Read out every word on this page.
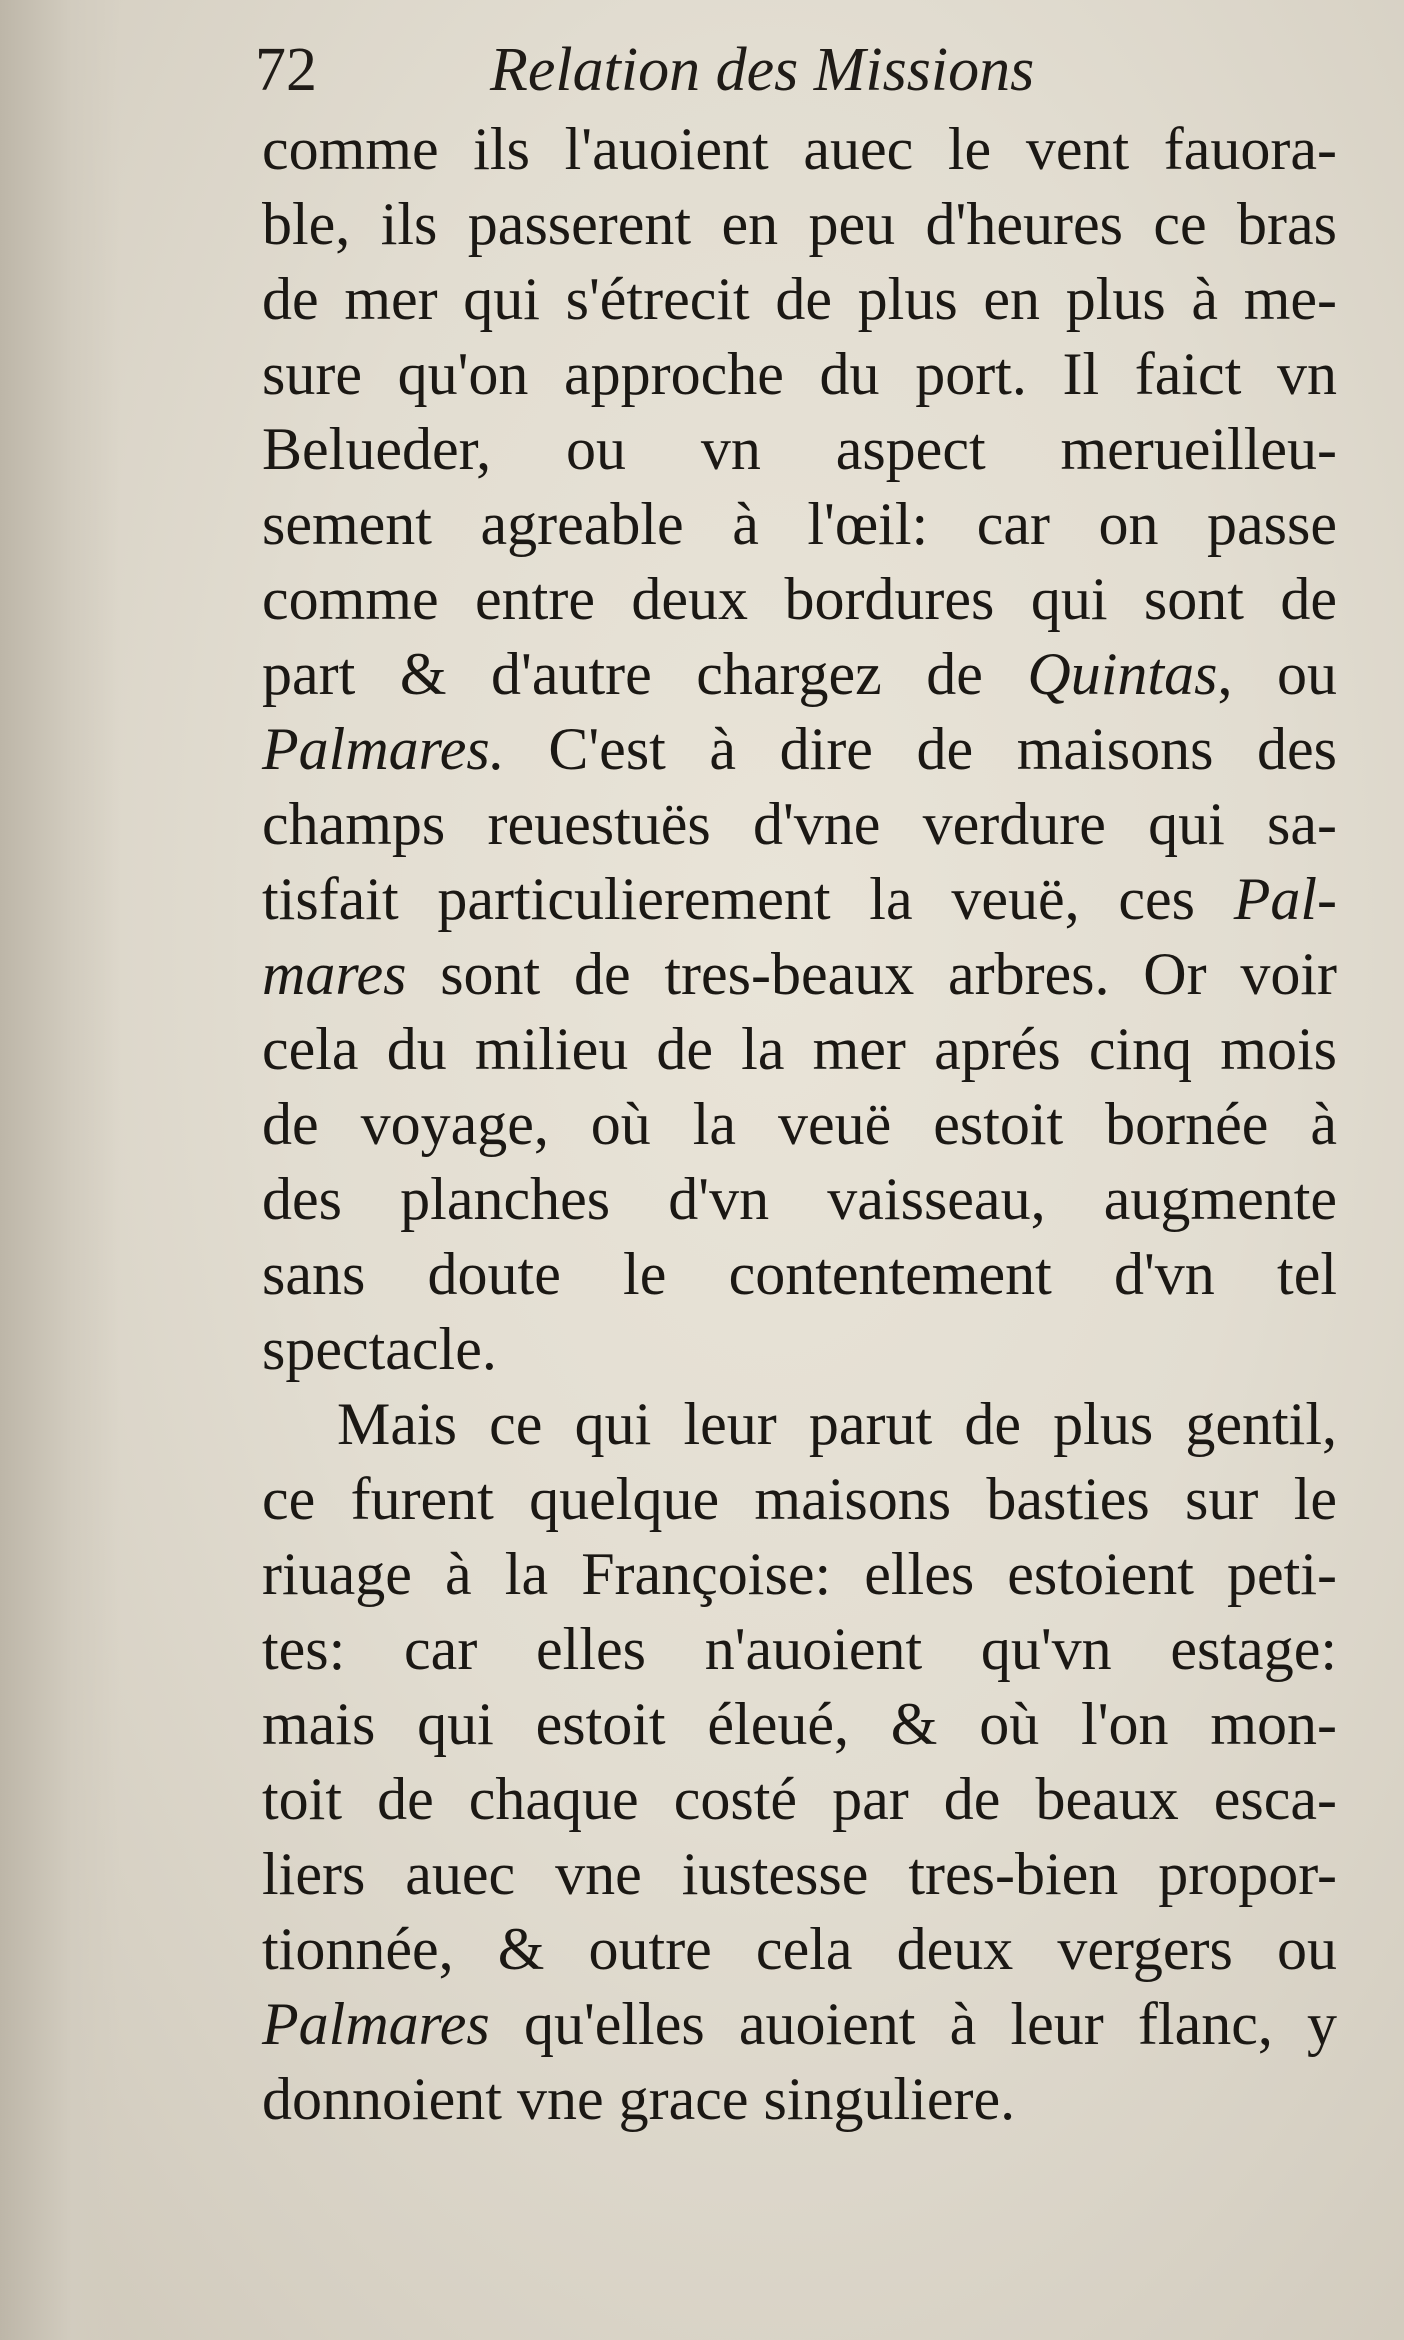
72	Relation des Missions
comme ils l'auoient auec le vent fauora-
ble, ils passerent en peu d'heures ce bras
de mer qui s'étrecit de plus en plus à me-
sure qu'on approche du port. Il faict vn
Belueder, ou vn aspect merueilleu-
sement agreable à l'œil: car on passe
comme entre deux bordures qui sont de
part & d'autre chargez de Quintas, ou
Palmares. C'est à dire de maisons des
champs reuestuës d'vne verdure qui sa-
tisfait particulierement la veuë, ces Pal-
mares sont de tres-beaux arbres. Or voir
cela du milieu de la mer aprés cinq mois
de voyage, où la veuë estoit bornée à
des planches d'vn vaisseau, augmente
sans doute le contentement d'vn tel
spectacle.
Mais ce qui leur parut de plus gentil,
ce furent quelque maisons basties sur le
riuage à la Françoise: elles estoient peti-
tes: car elles n'auoient qu'vn estage:
mais qui estoit éleué, & où l'on mon-
toit de chaque costé par de beaux esca-
liers auec vne iustesse tres-bien propor-
tionnée, & outre cela deux vergers ou
Palmares qu'elles auoient à leur flanc, y
donnoient vne grace singuliere.
